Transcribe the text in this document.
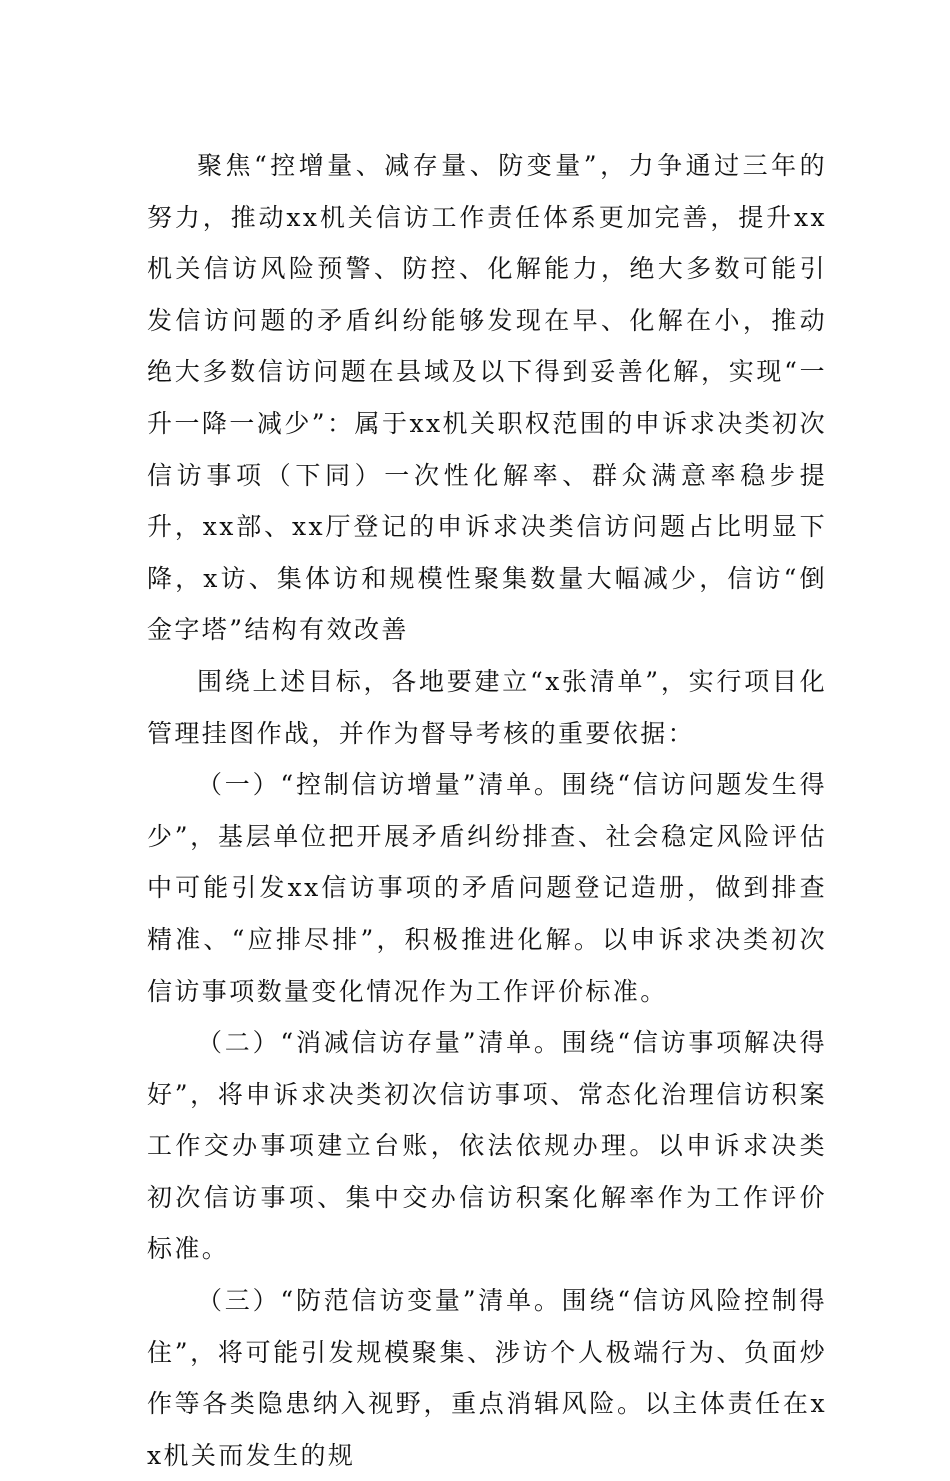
聚焦“控增量、减存量、防变量”，力争通过三年的努力，推动xx机关信访工作责任体系更加完善，提升xx机关信访风险预警、防控、化解能力，绝大多数可能引发信访问题的矛盾纠纷能够发现在早、化解在小，推动绝大多数信访问题在县域及以下得到妥善化解，实现“一升一降一减少”：属于xx机关职权范围的申诉求决类初次信访事项（下同）一次性化解率、群众满意率稳步提升，xx部、xx厅登记的申诉求决类信访问题占比明显下降，x访、集体访和规模性聚集数量大幅减少，信访“倒金字塔”结构有效改善

围绕上述目标，各地要建立“x张清单”，实行项目化管理挂图作战，并作为督导考核的重要依据：

（一）“控制信访增量”清单。围绕“信访问题发生得少”，基层单位把开展矛盾纠纷排查、社会稳定风险评估中可能引发xx信访事项的矛盾问题登记造册，做到排查精准、“应排尽排”，积极推进化解。以申诉求决类初次信访事项数量变化情况作为工作评价标准。

（二）“消减信访存量”清单。围绕“信访事项解决得好”，将申诉求决类初次信访事项、常态化治理信访积案工作交办事项建立台账，依法依规办理。以申诉求决类初次信访事项、集中交办信访积案化解率作为工作评价标准。

（三）“防范信访变量”清单。围绕“信访风险控制得住”，将可能引发规模聚集、涉访个人极端行为、负面炒作等各类隐患纳入视野，重点消辑风险。以主体责任在xx机关而发生的规
